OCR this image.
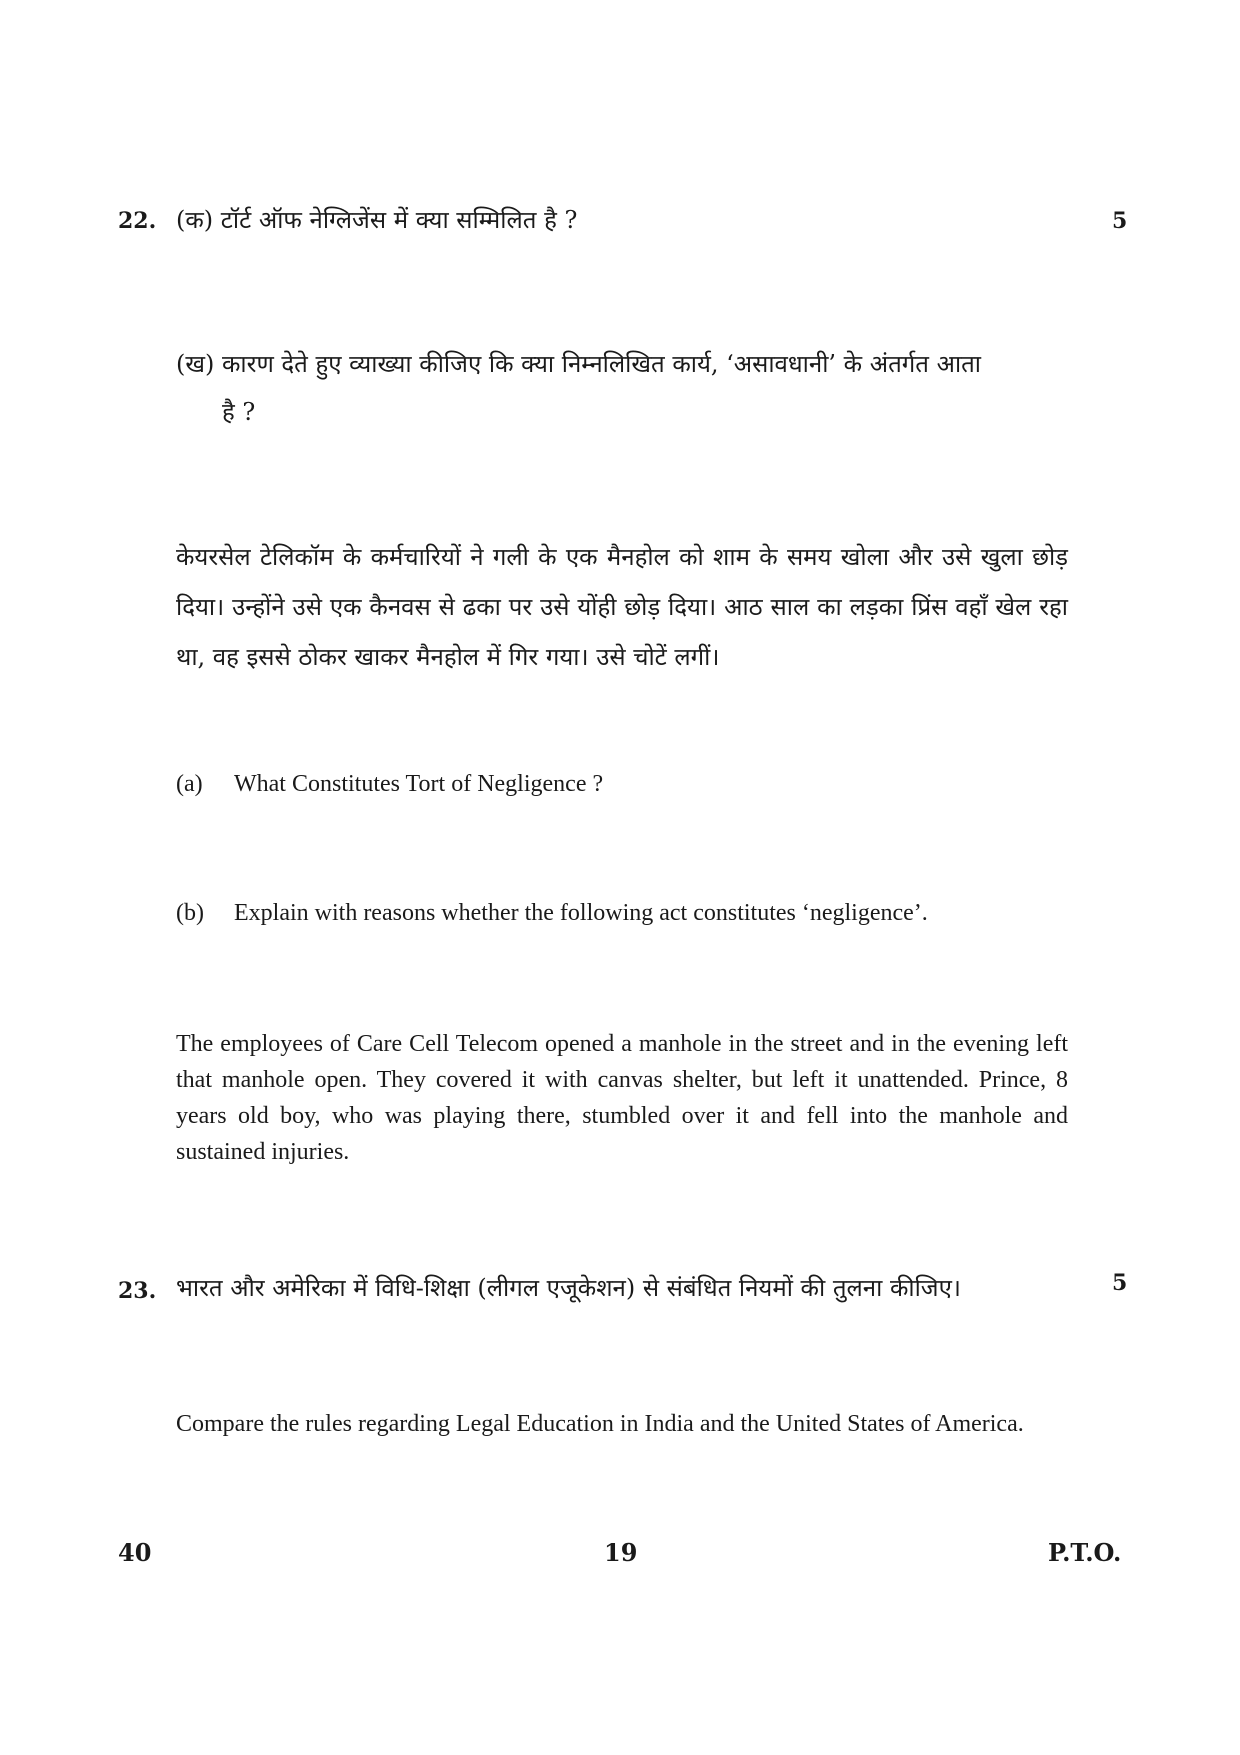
22. (क) टॉर्ट ऑफ नेग्लिजेंस में क्या सम्मिलित है ?	5
(ख) कारण देते हुए व्याख्या कीजिए कि क्या निम्नलिखित कार्य, ‘असावधानी’ के अंतर्गत आता
है ?
केयरसेल टेलिकॉम के कर्मचारियों ने गली के एक मैनहोल को शाम के समय खोला और उसे खुला छोड़ दिया। उन्होंने उसे एक कैनवस से ढका पर उसे योंही छोड़ दिया। आठ साल का लड़का प्रिंस वहाँ खेल रहा था, वह इससे ठोकर खाकर मैनहोल में गिर गया। उसे चोटें लगीं।
(a) What Constitutes Tort of Negligence ?
(b) Explain with reasons whether the following act constitutes ‘negligence’.
The employees of Care Cell Telecom opened a manhole in the street and in the evening left that manhole open. They covered it with canvas shelter, but left it unattended. Prince, 8 years old boy, who was playing there, stumbled over it and fell into the manhole and sustained injuries.
23. भारत और अमेरिका में विधि-शिक्षा (लीगल एजूकेशन) से संबंधित नियमों की तुलना कीजिए।	5
Compare the rules regarding Legal Education in India and the United States of America.
40	19	P.T.O.
